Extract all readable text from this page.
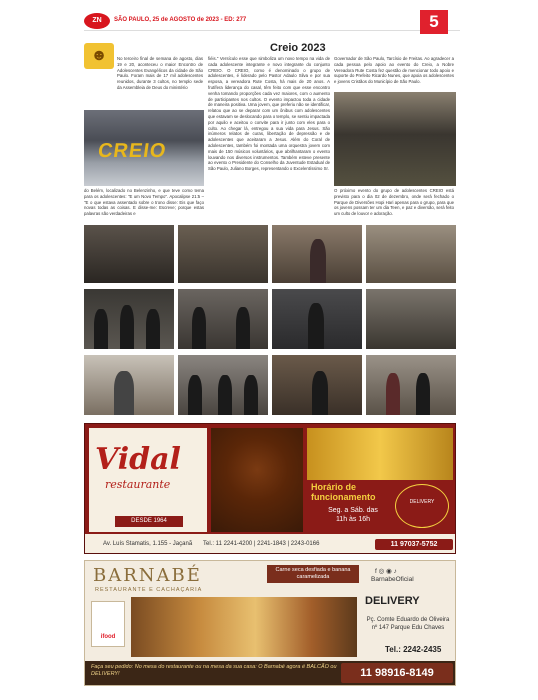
ZN	SÃO PAULO, 25 de AGOSTO de 2023 - ED: 277	5
☻	Creio 2023
No terceiro final de semana de agosto, dias 19 e 20, aconteceu o maior Encontro de Adolescentes Evangélicos da cidade de São Paulo. Foram mais de 17 mil adolescentes reunidos, durante 3 cultos, no templo sede da Assembleia de Deus do ministério
CREIO
do Belém, localizado no Belenzinho, e que teve como tema para os adolescentes: "E um Novo Tempo". Apocalipse 21:5 – "E o que estava assentado sobre o trono disse: Eis que faço novas todas as coisas. E disse-me: Escreve; porque estas palavras são verdadeiras e
fiéis." Versículo esse que simboliza um novo tempo na vida de cada adolescente integrante e novo integrante do conjunto CREIO. O CREIO, como é denominado o grupo de adolescentes, é liderado pelo Pastor Adaulo Silva e por sua esposa, a vereadora Rute Costa, há mais de 20 anos. A frutífera liderança do casal, têm feito com que esse encontro venha tomando proporções cada vez maiores, com o aumento de participantes nos cultos. O evento impactou toda a cidade de maneira positiva. Uma jovem, que preferiu não se identificar, relatou que ao se deparar com um ônibus com adolescentes que estavam se deslocando para o templo, se sentiu impactada por aquilo e aceitou o convite para ir junto com eles para o culto. Ao chegar lá, entregou a sua vida para Jesus. São inúmeros relatos de curas, libertação de depressão e de adolescentes que aceitaram a Jesus. Além do Coral de adolescentes, também foi montada uma orquestra jovem com mais de 150 músicos voluntários, que abrilhantaram o evento louvando nos diversos instrumentos. Também esteve presente ao evento o Presidente do Conselho da Juventude Estadual de São Paulo, Juliano Borges, representando o Excelentíssimo Sr.
Governador de São Paulo, Tarcísio de Freitas. Ao agradecer a cada pessoa pelo apoio ao evento do Creio, a Nobre Vereadora Rute Costa fez questão de mencionar todo apoio e suporte do Prefeito Ricardo Nunes, que apoia os adolescentes e jovens Cristãos do Município de São Paulo.
O próximo evento do grupo de adolescentes CREIO está previsto para o dia 02 de dezembro, onde será fechado o Parque de Diversões Hopi Hari apenas para o grupo, para que os jovens possam ter um dia Teen, e paz e diversão, será feito um culto de louvor e adoração.
Vidal
restaurante
DESDE 1964
Horário de funcionamento
Seg. a Sáb. das
11h às 16h
DELIVERY
Av. Luís Stamatis, 1.155 - Jaçanã Tel.: 11 2241-4200 | 2241-1843 | 2243-0166	11 97037-5752
BARNABÉ
RESTAURANTE E CACHAÇARIA
Carne seca desfiada e banana caramelizada
f ◎ ◉ ♪
BarnabeOficial
ifood
DELIVERY
Pç. Comte Eduardo de Oliveira nº 147 Parque Edu Chaves
Tel.: 2242-2435
Faça seu pedido: No mesa do restaurante ou na mesa da sua casa: O Barnabé agora é BALCÃO ou DELIVERY!	11 98916-8149
